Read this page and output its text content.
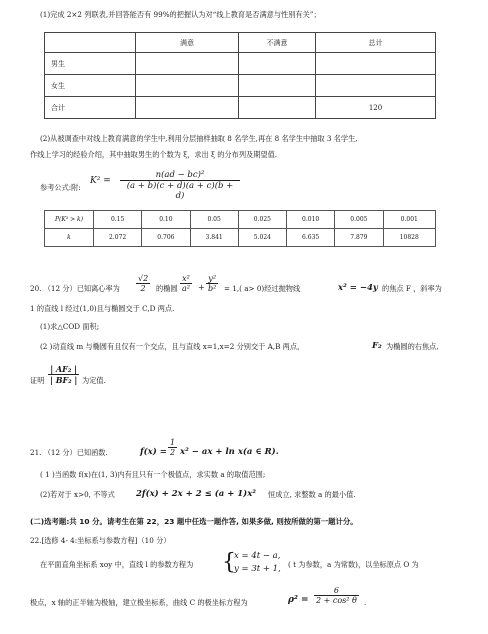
(1)完成 2×2 列联表,并回答能否有 99%的把握认为对“线上教育是否满意与性别有关”；
	满意	不满意	总计
男生			
女生			
合计			120
(2)从被调查中对线上教育满意的学生中,利用分层抽样抽取 8 名学生,再在 8 名学生中抽取 3 名学生,
作线上学习的经验介绍，其中抽取男生的个数为 ξ，求出 ξ 的分布列及期望值.
参考公式:附:
$K^2 = \frac{\text{n(ad − bc)²}}{(a + b)(c + d)(a + c)(b + d)}$
P(K² > k)	0.15	0.10	0.05	0.025	0.010	0.005	0.001
k	2.072	0.706	3.841	5.024	6.635	7.879	10828
20. （12 分）已知离心率为 $\frac{√2}{2}$ 的椭圆 $\frac{\text{x²}}{\text{a²}} + \frac{\text{y²}}{\text{b²}} = 1$,( a> 0)经过抛物线	x² = −4y 的焦点 F ，斜率为
1 的直线 l 经过(1,0)且与椭圆交于 C,D 两点.
(1)求△COD 面积;
(2 )动直线 m 与椭圆有且仅有一个交点，且与直线 x=1,x=2 分别交于 A,B 两点，	F₂ 为椭圆的右焦点,
证明 $\frac{\text{| AF₂ |}}{\text{| BF₂ |}}$ 为定值.
21. （12 分）已知函数.	$f(x) = \frac{1}{2} x^2$ − ax + ln x(a ∈ R).
( 1 )当函数 f(x)在(1, 3)内有且只有一个极值点，求实数 a 的取值范围;
(2)若对于 x>0, 不等式 2f(x) + 2x + 2 ≤ (a + 1)x² 恒成立, 求整数 a 的最小值.
(二)选考题:共 10 分。请考生在第 22，23 题中任选一题作答, 如果多做, 则按所做的第一题计分。
22.[选修 4- 4:坐标系与参数方程]（10 分）
在平面直角坐标系 xoy 中，直线 l 的参数方程为 {
x = 4t − a,
y = 3t + 1, ( t 为参数，a 为常数)，以坐标原点 O 为
极点，x 轴的正半轴为极轴，建立极坐标系，曲线 C 的极坐标方程为	$\rho^2 = \frac{6}{\text{2 + cos² θ}}$ .
